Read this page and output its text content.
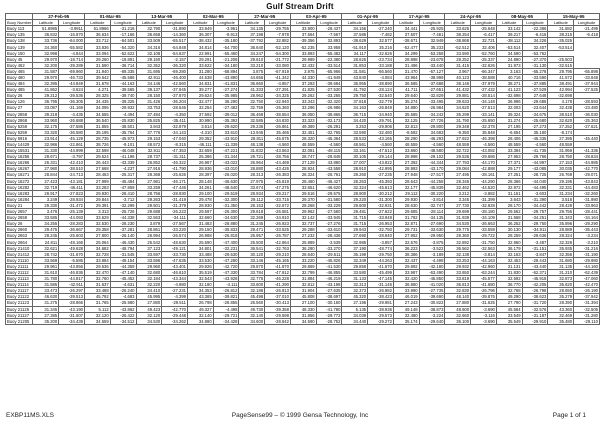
Gulf Stream Drift
	27-Feb-95		01-Mar-95		13-Mar-95		02-Mar-95		27-Mar-95		03-Apr-95		01-Apr-95		17-Apr-95		24-Apr-95		08-May-95		15-May-95	
Buoy Number	Latitude	Longitude	Latitude	Longitude	Latitude	Longitude	Latitude	Longitude	Latitude	Longitude	Latitude	Longitude	Latitude	Longitude	Latitude	Longitude	Latitude	Longitude	Latitude	Longitude	Latitude	Longitude
Buoy 113	51.6985	-3.9911	51.8966	-31.218	32.790	-31.890	33.949	-3.961	34.135	-29.755	33.900	-28.437	34.156	-27.240	34.441	-25.925	33.625	-25.648	33.142	-22.386	31.882	-21.499
Buoy 135	36.832	-16.870	36.634	-17.166	36.658	-14.360	36.307	-9.913	37.198	-7.978	37.564	-7.567	37.586	-7.482	37.507	-7.461	38.254	-6.417	39.217	-6.416	38.215	-6.418
Buoy 138	33.736	-64.000	33.712	-64.501	33.509	-65.517	-38.432	-35.180	-37.792	32.882	-39.356	32.893	-38.629	32.577	-38.671	32.949	-38.868	32.721	-38.112	34.226	-35.025	
Buoy 139	34.360	-55.582	33.836	-54.320	34.316	-54.848	34.814	-54.700	36.640	-52.120	-52.235	33.958	-51.910	35.216	-52.477	35.233	-52.512	32.406	-53.514	32.407	-53.514	
Buoy 150	32.998	-4.844	33.094	-52.622	32.108	-54.637	22.991	-55.460	34.247	-54.300	33.893	-55.482	34.117	-32.626	34.299	-53.258	33.590	-52.760	34.590	-53.762		
Buoy 45	29.970	-18.714	29.260	-19.891	29.160	-2.157	29.291	-21.208	29.610	-21.772	29.989	-22.380	28.626	-23.734	28.898	-23.678	28.252	-25.337	24.890	-27.370	-25.503	
Buoy 462	32.200	-39.289	31.590	-36.714	32.352	-36.320	33.622	-34.180	33.210	-33.080	32.432	-33.514	31.853	-33.188	31.496	-33.440	31.415	-32.626	31.973	-31.130	-32.515	
Buoy 465	31.587	-69.960	31.940	-69.335	31.695	-69.280	31.280	-68.894	3.875	-67.919	3.975	-65.966	31.581	-66.560	31.470	-67.127	3.967	-66.347	3.163	-65.278	29.795	-65.898
Buoy 480	29.970	-46.733	39.642	-45.586	42.911	-46.400	44.538	-43.890	44.656	-41.342	44.330	-41.949	43.840	-4.084	43.964	-38.999	40.123	-38.588	40.716	-33.590	41.572	-33.848
Buoy 484	32.395	-44.849	31.678	-44.163	34.146	-42.560	34.831	-41.831	36.660	-4.857	37.293	-39.684	35.955	-38.890	36.585	-37.688	38.146	-37.979	38.271	-37.885	38.491	-37.944
Buoy 485	41.862	-3.624	4.271	-39.565	39.137	-37.945	39.277	-27.274	41.333	-27.291	41.825	-27.530	41.792	-28.124	41.711	-27.651	41.432	-27.432	41.123	-27.529	42.994	-27.525
Buoy 26	29.212	-39.536	28.325	-39.740	28.150	-37.870	29.624	-35.985	28.962	-34.325	29.262	-33.265	29.750	-32.540	29.640	-32.829	29.881	-28.514	-32.698	27.648	-32.698	
Buoy 126	36.795	-36.305	34.435	-39.325	31.426	-36.204	-32.477	36.290	32.750	-32.940	33.343	-32.320	37.818	-32.779	35.274	-33.495	39.633	-34.148	36.996	-29.686	4.178	-28.593
Buoy 27	33.087	-31.169	34.095	-29.932	33.753	-28.546	32.254	-27.482	32.759	-25.360	33.296	-26.986	34.163	-26.849	34.880	-26.984	34.620	-27.513	32.003	-23.644	32.438	-23.480
Buoy 2858	39.218	-4.435	34.555	-4.494	37.484	-4.350	37.592	-39.012	36.468	-38.554	36.050	-38.866	36.715	-34.940	35.585	-34.242	35.299	-33.141	39.324	-34.675	38.510	-36.030
Buoy 2868	33.960	-26.688	36.540	-25.830	35.825	-35.411	30.990	-35.392	32.585	-34.830	33.323	-32.173	34.420	-29.791	32.125	-27.726	31.790	-25.650	31.274	-25.680	32.620	-25.363
Buoy 5258	32.175	-37.586	31.855	-38.501	3.943	-32.879	3.614	-29.620	29.236	-26.861	49.389	-26.291	3.253	-29.906	32.813	-29.800	29.348	-32.378	27.195	-27.273	27.252	-27.621
Buoy 5259	33.320	-36.580	35.195	-35.764	37.776	-34.143	-4.310	33.610	-13.945	35.466	32.451	-32.765	33.590	-32.460	-8.592	34.683	-9.350	35.848	-6.654	35.180	-8.174	
Buoy 5916	23.914	-45.129	28.735	-45.973	29.153	-47.040	29.352	-43.910	28.811	-45.675	28.320	-45.364	28.533	-43.165	28.290	-46.293	27.922	-46.398	28.406	-45.335	27.395	-45.440
Buoy 14429	32.986	-22.861	38.726	-9.101	48.572	-8.315	-46.111	-11.339	48.138	-4.560	48.559	-4.560	48.561	-4.560	48.559	-4.560	48.559	-4.560	48.559	-4.560	48.559	
Buoy 15531	31.330	-44.999	32.598	-46.048	32.911	-47.353	32.659	-47.221	31.832	-43.563	32.081	-48.115	33.161	-47.512	33.860	-48.580	32.722	-43.082	33.384	-41.735	31.959	-41.336
Buoy 16256	28.671	-3.797	29.524	-41.196	28.737	-31.311	25.386	-31.344	29.721	-28.756	28.747	-28.848	30.105	-29.144	28.998	-29.102	29.536	-29.686	27.953	-29.766	28.750	-28.834
Buoy 16266	26.331	-42.410	26.443	-43.339	26.852	-46.322	26.967	-43.022	26.964	-44.469	27.129	43.880	27.007	-43.822	27.392	-44.344	27.793	-44.170	27.371	-44.997	27.153	-44.985
Buoy 16267	27.980	-38.510	27.668	-4.237	27.916	-41.790	28.936	-43.010	28.880	-43.426	28.924	-43.558	28.910	-42.995	28.993	-43.170	29.084	-42.888	29.177	-43.085	30.035	-42.770
Buoy 16271	28.844	-24.713	28.463	-25.317	28.368	-25.626	28.397	-26.020	28.313	-26.383	28.324	-26.761	28.260	-27.235	27.948	-27.517	27.495	-28.161	27.251	-28.725	26.769	-29.071
Buoy 16272	27.423	-43.181	27.999	-45.484	27.981	-46.171	28.148	-46.630	27.975	-45.819	28.460	-46.427	28.263	-45.393	28.643	-44.258	28.346	-44.290	28.366	-44.040	29.195	-43.843
Buoy 16282	32.719	-46.411	33.283	-47.859	33.259	-47.446	34.261	-48.640	33.674	-47.275	33.651	-46.620	32.324	-45.613	32.177	-45.839	32.462	-44.520	32.972	-44.495	32.331	-44.483
Buoy 16283	28.917	-27.823	29.830	-28.410	28.756	-28.930	29.100	-29.519	28.934	-29.217	29.516	-29.575	28.900	-30.212	29.112	-30.220	3.212	-3.882	31.151	-3.603	31.234	-32.260
Buoy 16284	3.249	-28.934	29.844	-3.712	29.263	-31.419	29.478	-32.300	29.112	-33.715	29.370	-31.580	29.220	-31.300	29.930	-3.814	3.345	-31.399	3.643	-31.390	3.518	-31.980
Buoy 21	29.330	-31.472	29.391	-32.299	29.501	-31.379	28.930	-31.350	28.153	-32.672	28.268	-33.229	29.600	-32.931	28.630	-32.747	27.730	-32.828	28.170	-34.442	28.428	-33.963
Buoy 2657	3.476	-25.139	3.313	-25.726	29.688	-26.223	29.597	-26.300	29.618	-26.581	29.962	-27.560	29.481	-27.622	29.685	-28.114	29.699	-28.180	29.562	-29.757	29.755	-28.441
Buoy 2659	33.585	-44.093	33.629	-44.338	32.563	-34.111	32.660	-34.630	32.269	-34.910	32.142	-33.945	31.715	-33.948	31.782	-34.135	31.939	-34.109	31.568	-34.251	31.343	-34.164
Buoy 26	34.255	-28.283	32.530	-28.230	3.879	-27.567	31.483	-28.880	31.245	-26.923	32.737	-27.276	31.715	-26.953	32.871	-27.690	34.530	-26.663	36.252	-29.750	35.896	-29.290
Buoy 2660	29.475	-36.667	29.358	-37.281	28.861	-33.220	29.150	-35.833	29.471	-33.525	29.288	-33.610	29.943	-32.750	29.731	-33.630	29.775	-33.559	30.130	-34.911	28.989	-35.443
Buoy 2663	28.245	-25.603	27.800	-26.140	26.994	-26.574	26.988	-26.818	26.957	-26.787	27.232	-28.436	27.690	-28.940	27.952	-29.950	28.360	-29.722	28.259	-29.636	28.324	-3.234
Buoy 2664	24.811	-48.166	25.064	-46.430	25.542	-48.630	25.590	-47.400	25.500	-42.864	25.889	-3.539	32.985	-3.857	32.576	-3.875	32.892	-31.750	32.960	-3.487	32.326	-3.210
Buoy 21410	32.621	-49.628	34.682	-48.794	37.123	-49.121	34.801	-32.231	36.541	-32.763	36.280	-33.270	37.190	-48.774	36.223	-3.522	36.562	-32.563	36.179	-31.151	35.935	-31.216
Buoy 21412	28.742	-31.670	32.728	-31.545	33.597	-33.730	33.488	-29.530	30.120	-29.210	28.640	-29.511	35.199	-29.750	38.386	-3.189	32.138	-3.814	32.163	-3.847	32.356	-31.190
Buoy 21110	33.569	-5.586	33.884	-49.154	33.596	-47.635	33.530	-47.280	33.146	-45.165	33.220	-45.826	32.349	-44.263	32.437	-4.498	33.253	-44.163	32.453	-29.443	31.680	-29.980
Buoy 21111	29.961	-43.856	29.536	-44.359	29.960	-43.401	29.926	-42.720	29.870	-41.870	29.869	-41.530	29.858	-41.670	29.892	-42.180	29.932	-42.960	31.131	-43.440	31.135	-44.160
Buoy 21112	31.610	-46.836	32.470	-47.140	32.680	-46.610	35.519	-47.330	33.784	-47.912	32.799	-46.855	33.580	-45.499	33.987	-63.490	33.650	-63.244	31.830	-62.371	31.210	-62.439
Buoy 21113	31.780	-44.817	32.760	-45.452	32.184	-43.344	32.543	-43.928	32.775	-46.228	31.884	-46.219	31.133	-47.145	32.420	-45.850	33.819	-45.577	32.592	-45.915	32.873	-47.060
Buoy 21114	31.585	-42.911	31.637	-4.631	32.220	-4.980	32.180	-4.111	33.600	-41.290	32.812	-43.198	32.313	-31.146	36.880	-41.020	36.813	-41.680	36.770	-42.205	35.620	-42.470
Buoy 21117	33.473	-26.297	33.488	-26.240	34.410	-27.231	34.353	-26.812	32.188	-26.813	31.904	-27.635	32.373	-26.982	33.990	-27.735	32.830	-26.796	32.768	-26.798	28.650	-26.190
Buoy 21122	46.630	-39.513	45.792	-4.683	45.995	-4.399	43.365	-39.821	45.498	-37.010	45.808	-38.697	45.320	-38.423	46.019	-39.690	48.140	-39.876	49.290	-38.623	35.279	-37.942
Buoy 21123	31.275	-28.866	31.765	-25.980	27.880	-29.511	26.798	-28.855	26.560	-30.413	27.100	-30.160	27.196	-29.981	27.243	-30.822	27.880	-31.625	27.790	-31.720	28.390	-31.394
Buoy 21125	31.345	-43.190	5.112	-43.862	49.423	-42.770	49.327	-4.498	49.730	-39.358	48.330	-41.780	5.135	-38.936	49.148	-38.873	48.600	-3.690	45.584	-32.576	43.360	-32.505
Buoy 21127	27.385	-31.507	32.120	-26.422	32.120	-29.448	32.140	-29.721	32.140	-29.598	31.856	-29.772	34.039	-29.573	32.480	-3.224	32.660	-3.116	33.549	-31.187	32.469	-31.280
Buoy 21205	35.200	-34.439	34.559	-34.512	34.530	-34.262	34.880	-34.428	34.600	-28.842	34.590	-28.752	34.440	-29.272	35.174	-29.640	36.100	-3.690	35.549	-29.910	35.480	-29.110
EXBP11MS.XLS	PageSense99 – © 1999 Gensa Technology, Inc	Page 1 of 1
